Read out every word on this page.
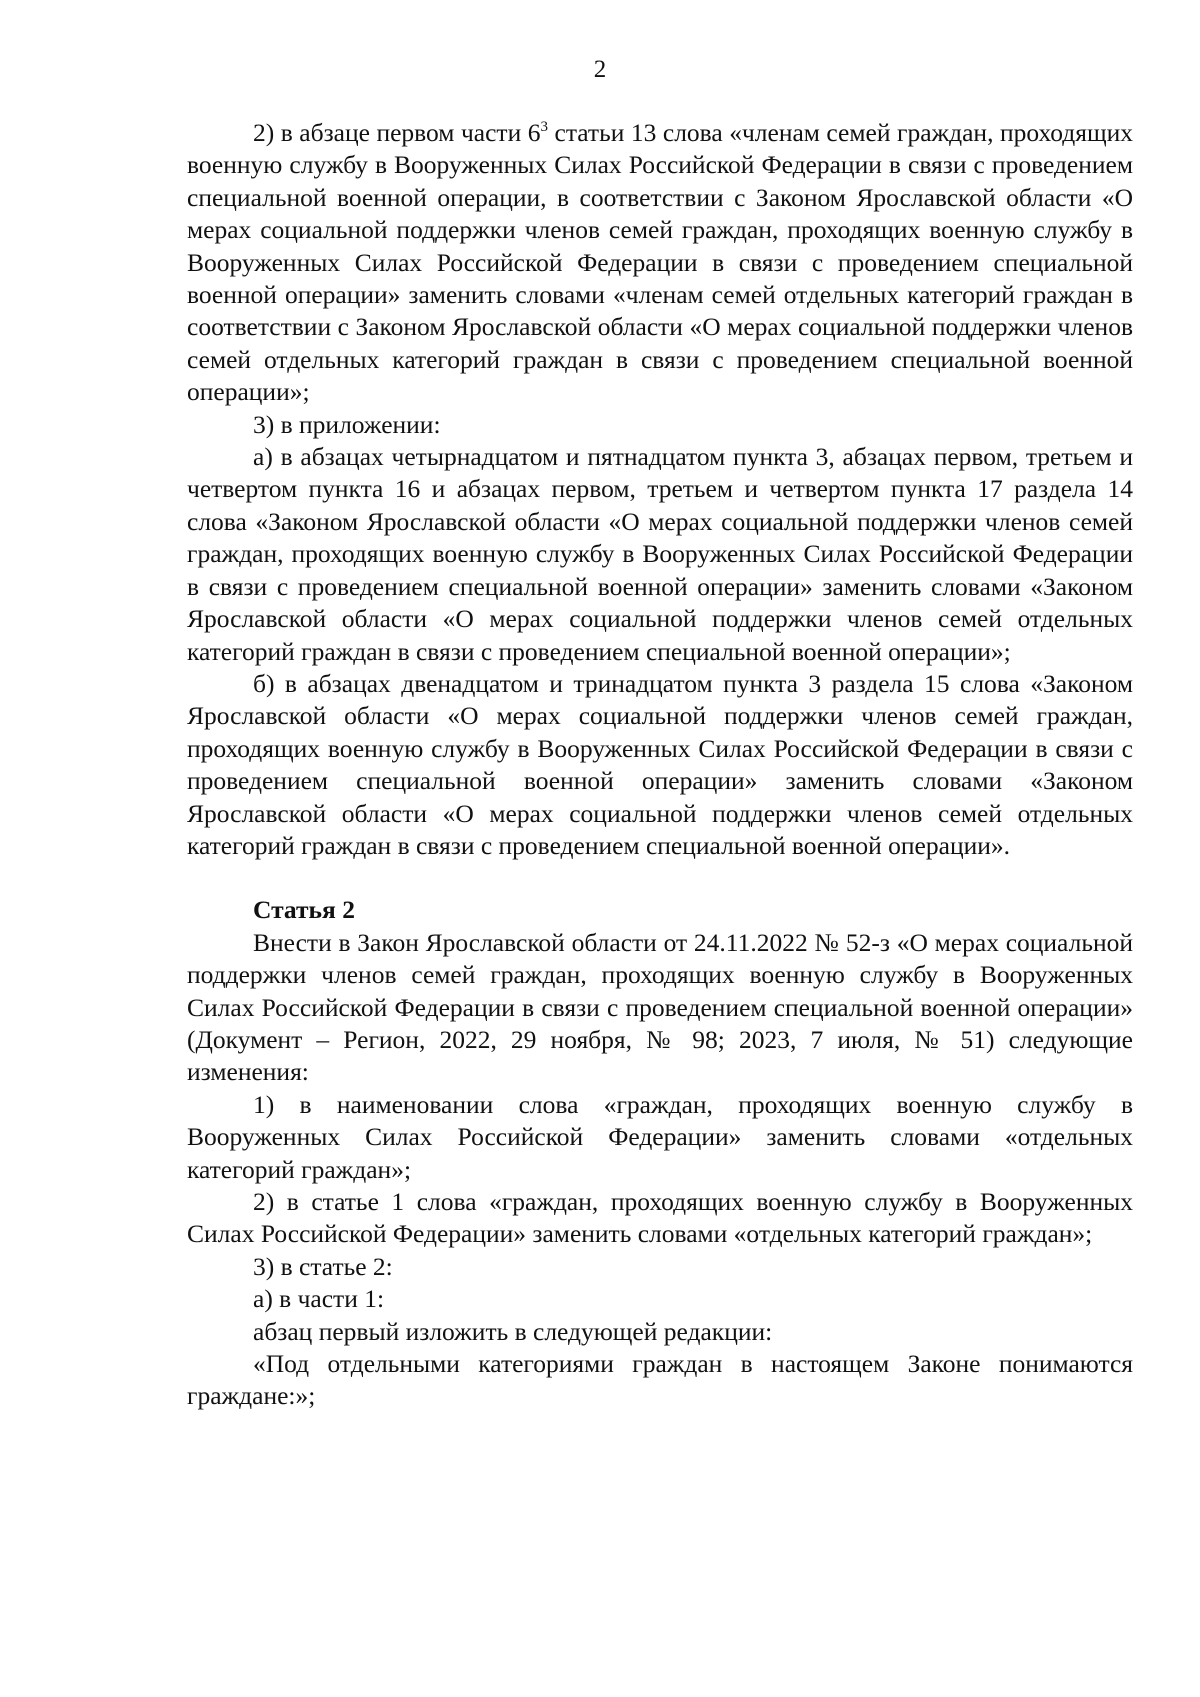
2

2) в абзаце первом части $6^3$ статьи 13 слова «членам семей граждан, проходящих военную службу в Вооруженных Силах Российской Федерации в связи с проведением специальной военной операции, в соответствии с Законом Ярославской области «О мерах социальной поддержки членов семей граждан, проходящих военную службу в Вооруженных Силах Российской Федерации в связи с проведением специальной военной операции» заменить словами «членам семей отдельных категорий граждан в соответствии с Законом Ярославской области «О мерах социальной поддержки членов семей отдельных категорий граждан в связи с проведением специальной военной операции»;

3) в приложении:

а) в абзацах четырнадцатом и пятнадцатом пункта 3, абзацах первом, третьем и четвертом пункта 16 и абзацах первом, третьем и четвертом пункта 17 раздела 14 слова «Законом Ярославской области «О мерах социальной поддержки членов семей граждан, проходящих военную службу в Вооруженных Силах Российской Федерации в связи с проведением специальной военной операции» заменить словами «Законом Ярославской области «О мерах социальной поддержки членов семей отдельных категорий граждан в связи с проведением специальной военной операции»;

б) в абзацах двенадцатом и тринадцатом пункта 3 раздела 15 слова «Законом Ярославской области «О мерах социальной поддержки членов семей граждан, проходящих военную службу в Вооруженных Силах Российской Федерации в связи с проведением специальной военной операции» заменить словами «Законом Ярославской области «О мерах социальной поддержки членов семей отдельных категорий граждан в связи с проведением специальной военной операции».

Статья 2

Внести в Закон Ярославской области от 24.11.2022 № 52-з «О мерах социальной поддержки членов семей граждан, проходящих военную службу в Вооруженных Силах Российской Федерации в связи с проведением специальной военной операции» (Документ – Регион, 2022, 29 ноября, № 98; 2023, 7 июля, № 51) следующие изменения:

1) в наименовании слова «граждан, проходящих военную службу в Вооруженных Силах Российской Федерации» заменить словами «отдельных категорий граждан»;

2) в статье 1 слова «граждан, проходящих военную службу в Вооруженных Силах Российской Федерации» заменить словами «отдельных категорий граждан»;

3) в статье 2:

а) в части 1:

абзац первый изложить в следующей редакции:

«Под отдельными категориями граждан в настоящем Законе понимаются граждане:»;
